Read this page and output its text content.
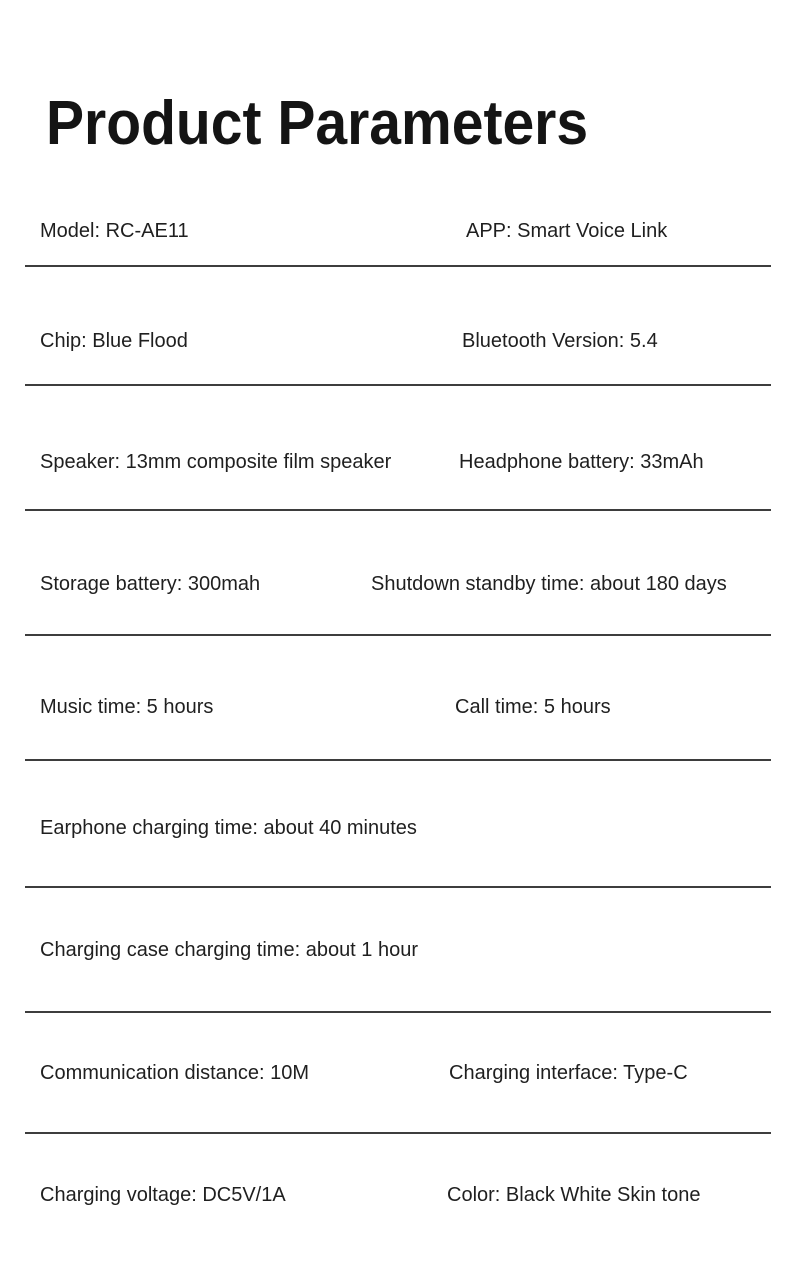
Product Parameters
Model: RC-AE11	APP: Smart Voice Link
Chip: Blue Flood	Bluetooth Version: 5.4
Speaker: 13mm composite film speaker	Headphone battery: 33mAh
Storage battery: 300mah	Shutdown standby time: about 180 days
Music time: 5 hours	Call time: 5 hours
Earphone charging time: about 40 minutes
Charging case charging time: about 1 hour
Communication distance: 10M	Charging interface: Type-C
Charging voltage: DC5V/1A	Color: Black White Skin tone
